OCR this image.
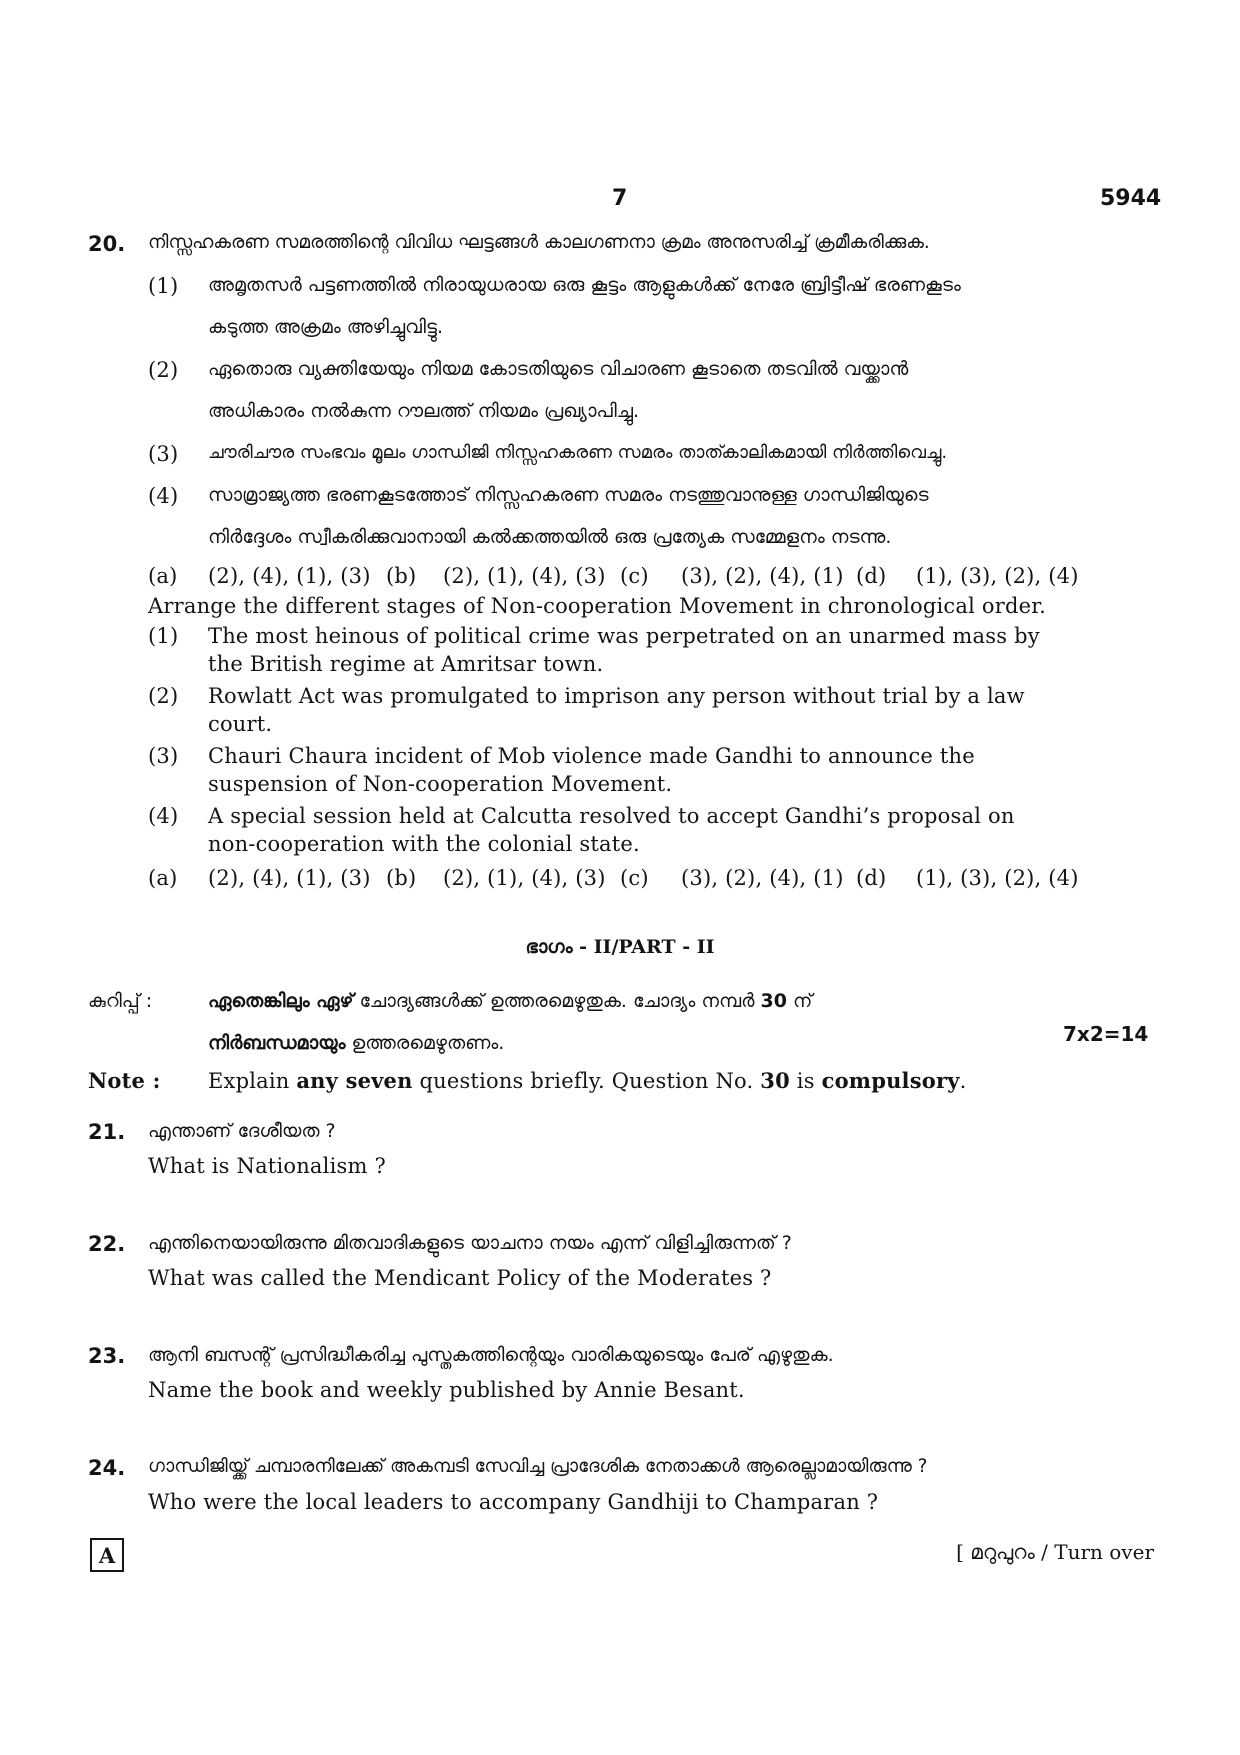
7	5944
20. നിസ്സഹകരണ സമരത്തിന്റെ വിവിധ ഘട്ടങ്ങൾ കാലഗണനാ ക്രമം അനുസരിച്ച് ക്രമീകരിക്കുക.
(1) അമൃതസർ പട്ടണത്തിൽ നിരായുധരായ ഒരു കൂട്ടം ആളുകൾക്ക് നേരേ ബ്രിട്ടീഷ് ഭരണകൂടം
കടുത്ത അക്രമം അഴിച്ചുവിട്ടു.
(2) ഏതൊരു വ്യക്തിയേയും നിയമ കോടതിയുടെ വിചാരണ കൂടാതെ തടവിൽ വയ്ക്കാൻ
അധികാരം നൽകുന്ന റൗലത്ത് നിയമം പ്രഖ്യാപിച്ചു.
(3) ചൗരിചൗര സംഭവം മൂലം ഗാന്ധിജി നിസ്സഹകരണ സമരം താത്കാലികമായി നിർത്തിവെച്ചു.
(4) സാമ്രാജ്യത്ത ഭരണകൂടത്തോട് നിസ്സഹകരണ സമരം നടത്തുവാനുള്ള ഗാന്ധിജിയുടെ
നിർദ്ദേശം സ്വീകരിക്കുവാനായി കൽക്കത്തയിൽ ഒരു പ്രത്യേക സമ്മേളനം നടന്നു.
(a) (2), (4), (1), (3) (b) (2), (1), (4), (3) (c) (3), (2), (4), (1) (d) (1), (3), (2), (4)
Arrange the different stages of Non-cooperation Movement in chronological order.
(1) The most heinous of political crime was perpetrated on an unarmed mass by
the British regime at Amritsar town.
(2) Rowlatt Act was promulgated to imprison any person without trial by a law
court.
(3) Chauri Chaura incident of Mob violence made Gandhi to announce the
suspension of Non-cooperation Movement.
(4) A special session held at Calcutta resolved to accept Gandhi’s proposal on
non-cooperation with the colonial state.
(a) (2), (4), (1), (3) (b) (2), (1), (4), (3) (c) (3), (2), (4), (1) (d) (1), (3), (2), (4)
ഭാഗം - II/PART - II
കുറിപ്പ് :	ഏതെങ്കിലും ഏഴ് ചോദ്യങ്ങൾക്ക് ഉത്തരമെഴുതുക. ചോദ്യം നമ്പർ 30 ന്
നിർബന്ധമായും ഉത്തരമെഴുതണം.	7x2=14
Note : Explain any seven questions briefly. Question No. 30 is compulsory.
21. എന്താണ് ദേശീയത ?
What is Nationalism ?
22. എന്തിനെയായിരുന്നു മിതവാദികളുടെ യാചനാ നയം എന്ന് വിളിച്ചിരുന്നത് ?
What was called the Mendicant Policy of the Moderates ?
23. ആനി ബസന്റ് പ്രസിദ്ധീകരിച്ച പുസ്തകത്തിന്റെയും വാരികയുടെയും പേര് എഴുതുക.
Name the book and weekly published by Annie Besant.
24. ഗാന്ധിജിയ്ക്ക് ചമ്പാരനിലേക്ക് അകമ്പടി സേവിച്ച പ്രാദേശിക നേതാക്കൾ ആരെല്ലാമായിരുന്നു ?
Who were the local leaders to accompany Gandhiji to Champaran ?
A	[ മറുപുറം / Turn over
